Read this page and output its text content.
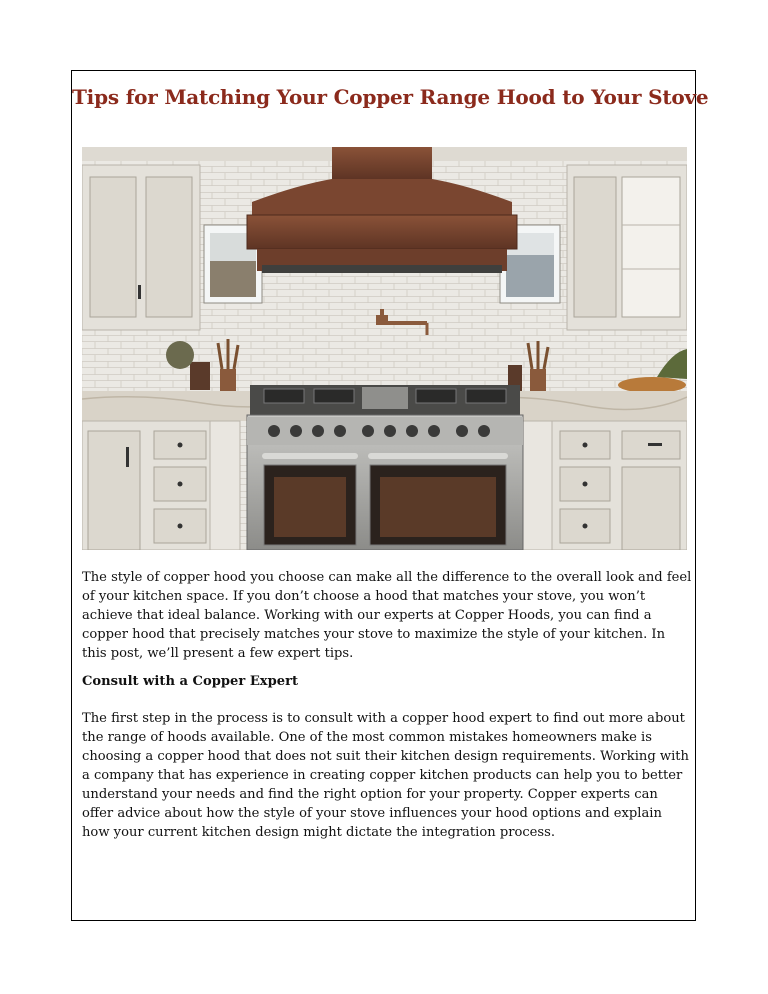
Tips for Matching Your Copper Range Hood to Your Stove
The style of copper hood you choose can make all the difference to the overall look and feel of your kitchen space. If you don’t choose a hood that matches your stove, you won’t achieve that ideal balance. Working with our experts at Copper Hoods, you can find a copper hood that precisely matches your stove to maximize the style of your kitchen. In this post, we’ll present a few expert tips.
Consult with a Copper Expert
The first step in the process is to consult with a copper hood expert to find out more about the range of hoods available. One of the most common mistakes homeowners make is choosing a copper hood that does not suit their kitchen design requirements. Working with a company that has experience in creating copper kitchen products can help you to better understand your needs and find the right option for your property. Copper experts can offer advice about how the style of your stove influences your hood options and explain how your current kitchen design might dictate the integration process.
